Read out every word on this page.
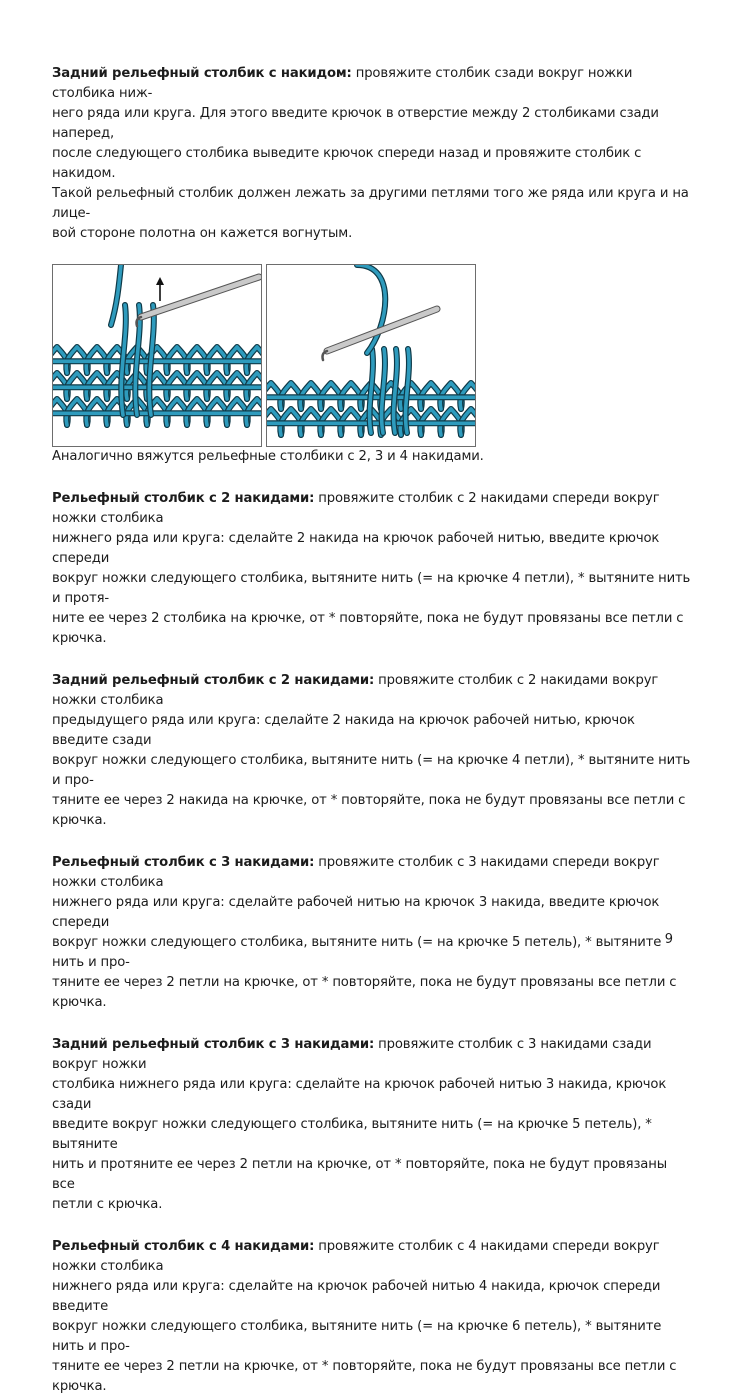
Задний рельефный столбик с накидом: провяжите столбик сзади вокруг ножки столбика ниж-
него ряда или круга. Для этого введите крючок в отверстие между 2 столбиками сзади наперед,
после следующего столбика выведите крючок спереди назад и провяжите столбик с накидом.
Такой рельефный столбик должен лежать за другими петлями того же ряда или круга и на лице-
вой стороне полотна он кажется вогнутым.

Аналогично вяжутся рельефные столбики с 2, 3 и 4 накидами.

Рельефный столбик с 2 накидами: провяжите столбик с 2 накидами спереди вокруг ножки столбика
нижнего ряда или круга: сделайте 2 накида на крючок рабочей нитью, введите крючок спереди
вокруг ножки следующего столбика, вытяните нить (= на крючке 4 петли), * вытяните нить и протя-
ните ее через 2 столбика на крючке, от * повторяйте, пока не будут провязаны все петли с крючка.

Задний рельефный столбик с 2 накидами: провяжите столбик с 2 накидами вокруг ножки столбика
предыдущего ряда или круга: сделайте 2 накида на крючок рабочей нитью, крючок введите сзади
вокруг ножки следующего столбика, вытяните нить (= на крючке 4 петли), * вытяните нить и про-
тяните ее через 2 накида на крючке, от * повторяйте, пока не будут провязаны все петли с крючка.

Рельефный столбик с 3 накидами: провяжите столбик с 3 накидами спереди вокруг ножки столбика
нижнего ряда или круга: сделайте рабочей нитью на крючок 3 накида, введите крючок спереди
вокруг ножки следующего столбика, вытяните нить (= на крючке 5 петель), * вытяните нить и про-
тяните ее через 2 петли на крючке, от * повторяйте, пока не будут провязаны все петли с крючка.

Задний рельефный столбик с 3 накидами: провяжите столбик с 3 накидами сзади вокруг ножки
столбика нижнего ряда или круга: сделайте на крючок рабочей нитью 3 накида, крючок сзади
введите вокруг ножки следующего столбика, вытяните нить (= на крючке 5 петель), * вытяните
нить и протяните ее через 2 петли на крючке, от * повторяйте, пока не будут провязаны все
петли с крючка.

Рельефный столбик с 4 накидами: провяжите столбик с 4 накидами спереди вокруг ножки столбика
нижнего ряда или круга: сделайте на крючок рабочей нитью 4 накида, крючок спереди введите
вокруг ножки следующего столбика, вытяните нить (= на крючке 6 петель), * вытяните нить и про-
тяните ее через 2 петли на крючке, от * повторяйте, пока не будут провязаны все петли с крючка.

9
